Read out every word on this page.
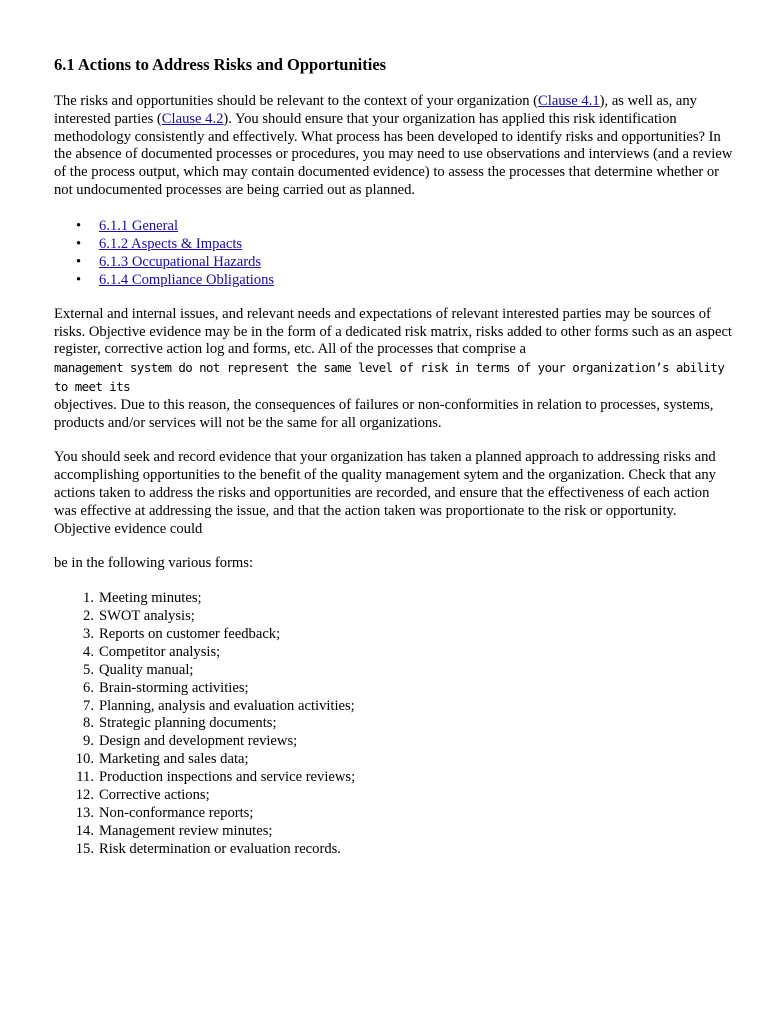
6.1 Actions to Address Risks and Opportunities

The risks and opportunities should be relevant to the context of your organization (Clause 4.1), as well as, any interested parties (Clause 4.2). You should ensure that your organization has applied this risk identification methodology consistently and effectively. What process has been developed to identify risks and opportunities? In the absence of documented processes or procedures, you may need to use observations and interviews (and a review of the process output, which may contain documented evidence) to assess the processes that determine whether or not undocumented processes are being carried out as planned.

• 6.1.1 General
• 6.1.2 Aspects & Impacts
• 6.1.3 Occupational Hazards
• 6.1.4 Compliance Obligations

External and internal issues, and relevant needs and expectations of relevant interested parties may be sources of risks. Objective evidence may be in the form of a dedicated risk matrix, risks added to other forms such as an aspect register, corrective action log and forms, etc. All of the processes that comprise a
management system do not represent the same level of risk in terms of your organization’s ability to meet its
objectives. Due to this reason, the consequences of failures or non-conformities in relation to processes, systems, products and/or services will not be the same for all organizations.

You should seek and record evidence that your organization has taken a planned approach to addressing risks and accomplishing opportunities to the benefit of the quality management sytem and the organization. Check that any actions taken to address the risks and opportunities are recorded, and ensure that the effectiveness of each action was effective at addressing the issue, and that the action taken was proportionate to the risk or opportunity. Objective evidence could

be in the following various forms:

1. Meeting minutes;
2. SWOT analysis;
3. Reports on customer feedback;
4. Competitor analysis;
5. Quality manual;
6. Brain-storming activities;
7. Planning, analysis and evaluation activities;
8. Strategic planning documents;
9. Design and development reviews;
10. Marketing and sales data;
11. Production inspections and service reviews;
12. Corrective actions;
13. Non-conformance reports;
14. Management review minutes;
15. Risk determination or evaluation records.
